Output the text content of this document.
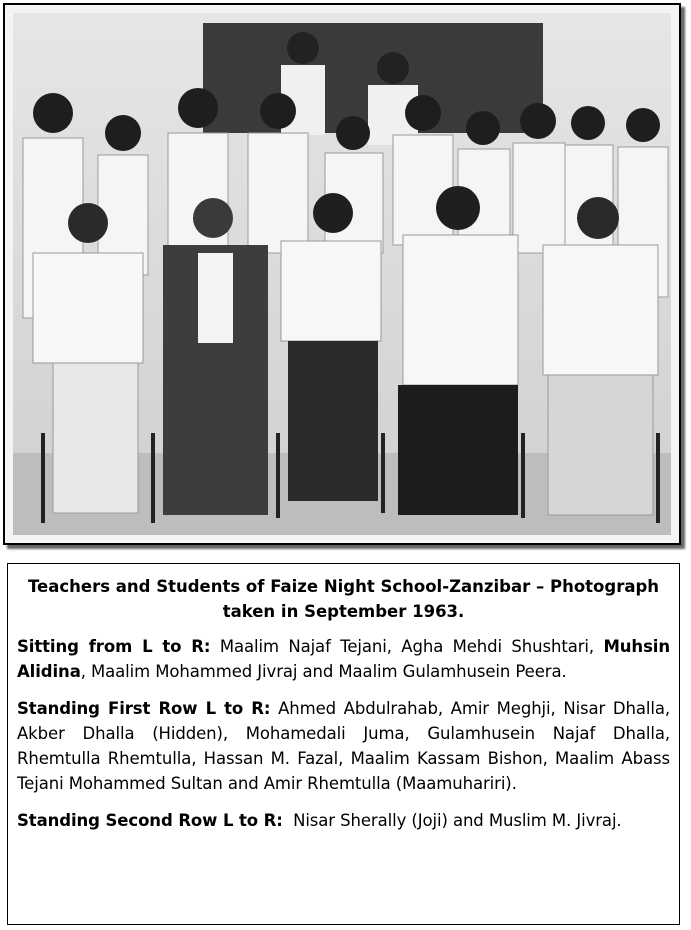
Teachers and Students of Faize Night School-Zanzibar – Photograph taken in September 1963.

Sitting from L to R: Maalim Najaf Tejani, Agha Mehdi Shushtari, Muhsin Alidina, Maalim Mohammed Jivraj and Maalim Gulamhusein Peera.

Standing First Row L to R: Ahmed Abdulrahab, Amir Meghji, Nisar Dhalla, Akber Dhalla (Hidden), Mohamedali Juma, Gulamhusein Najaf Dhalla, Rhemtulla Rhemtulla, Hassan M. Fazal, Maalim Kassam Bishon, Maalim Abass Tejani Mohammed Sultan and Amir Rhemtulla (Maamuhariri).

Standing Second Row L to R:  Nisar Sherally (Joji) and Muslim M. Jivraj.
